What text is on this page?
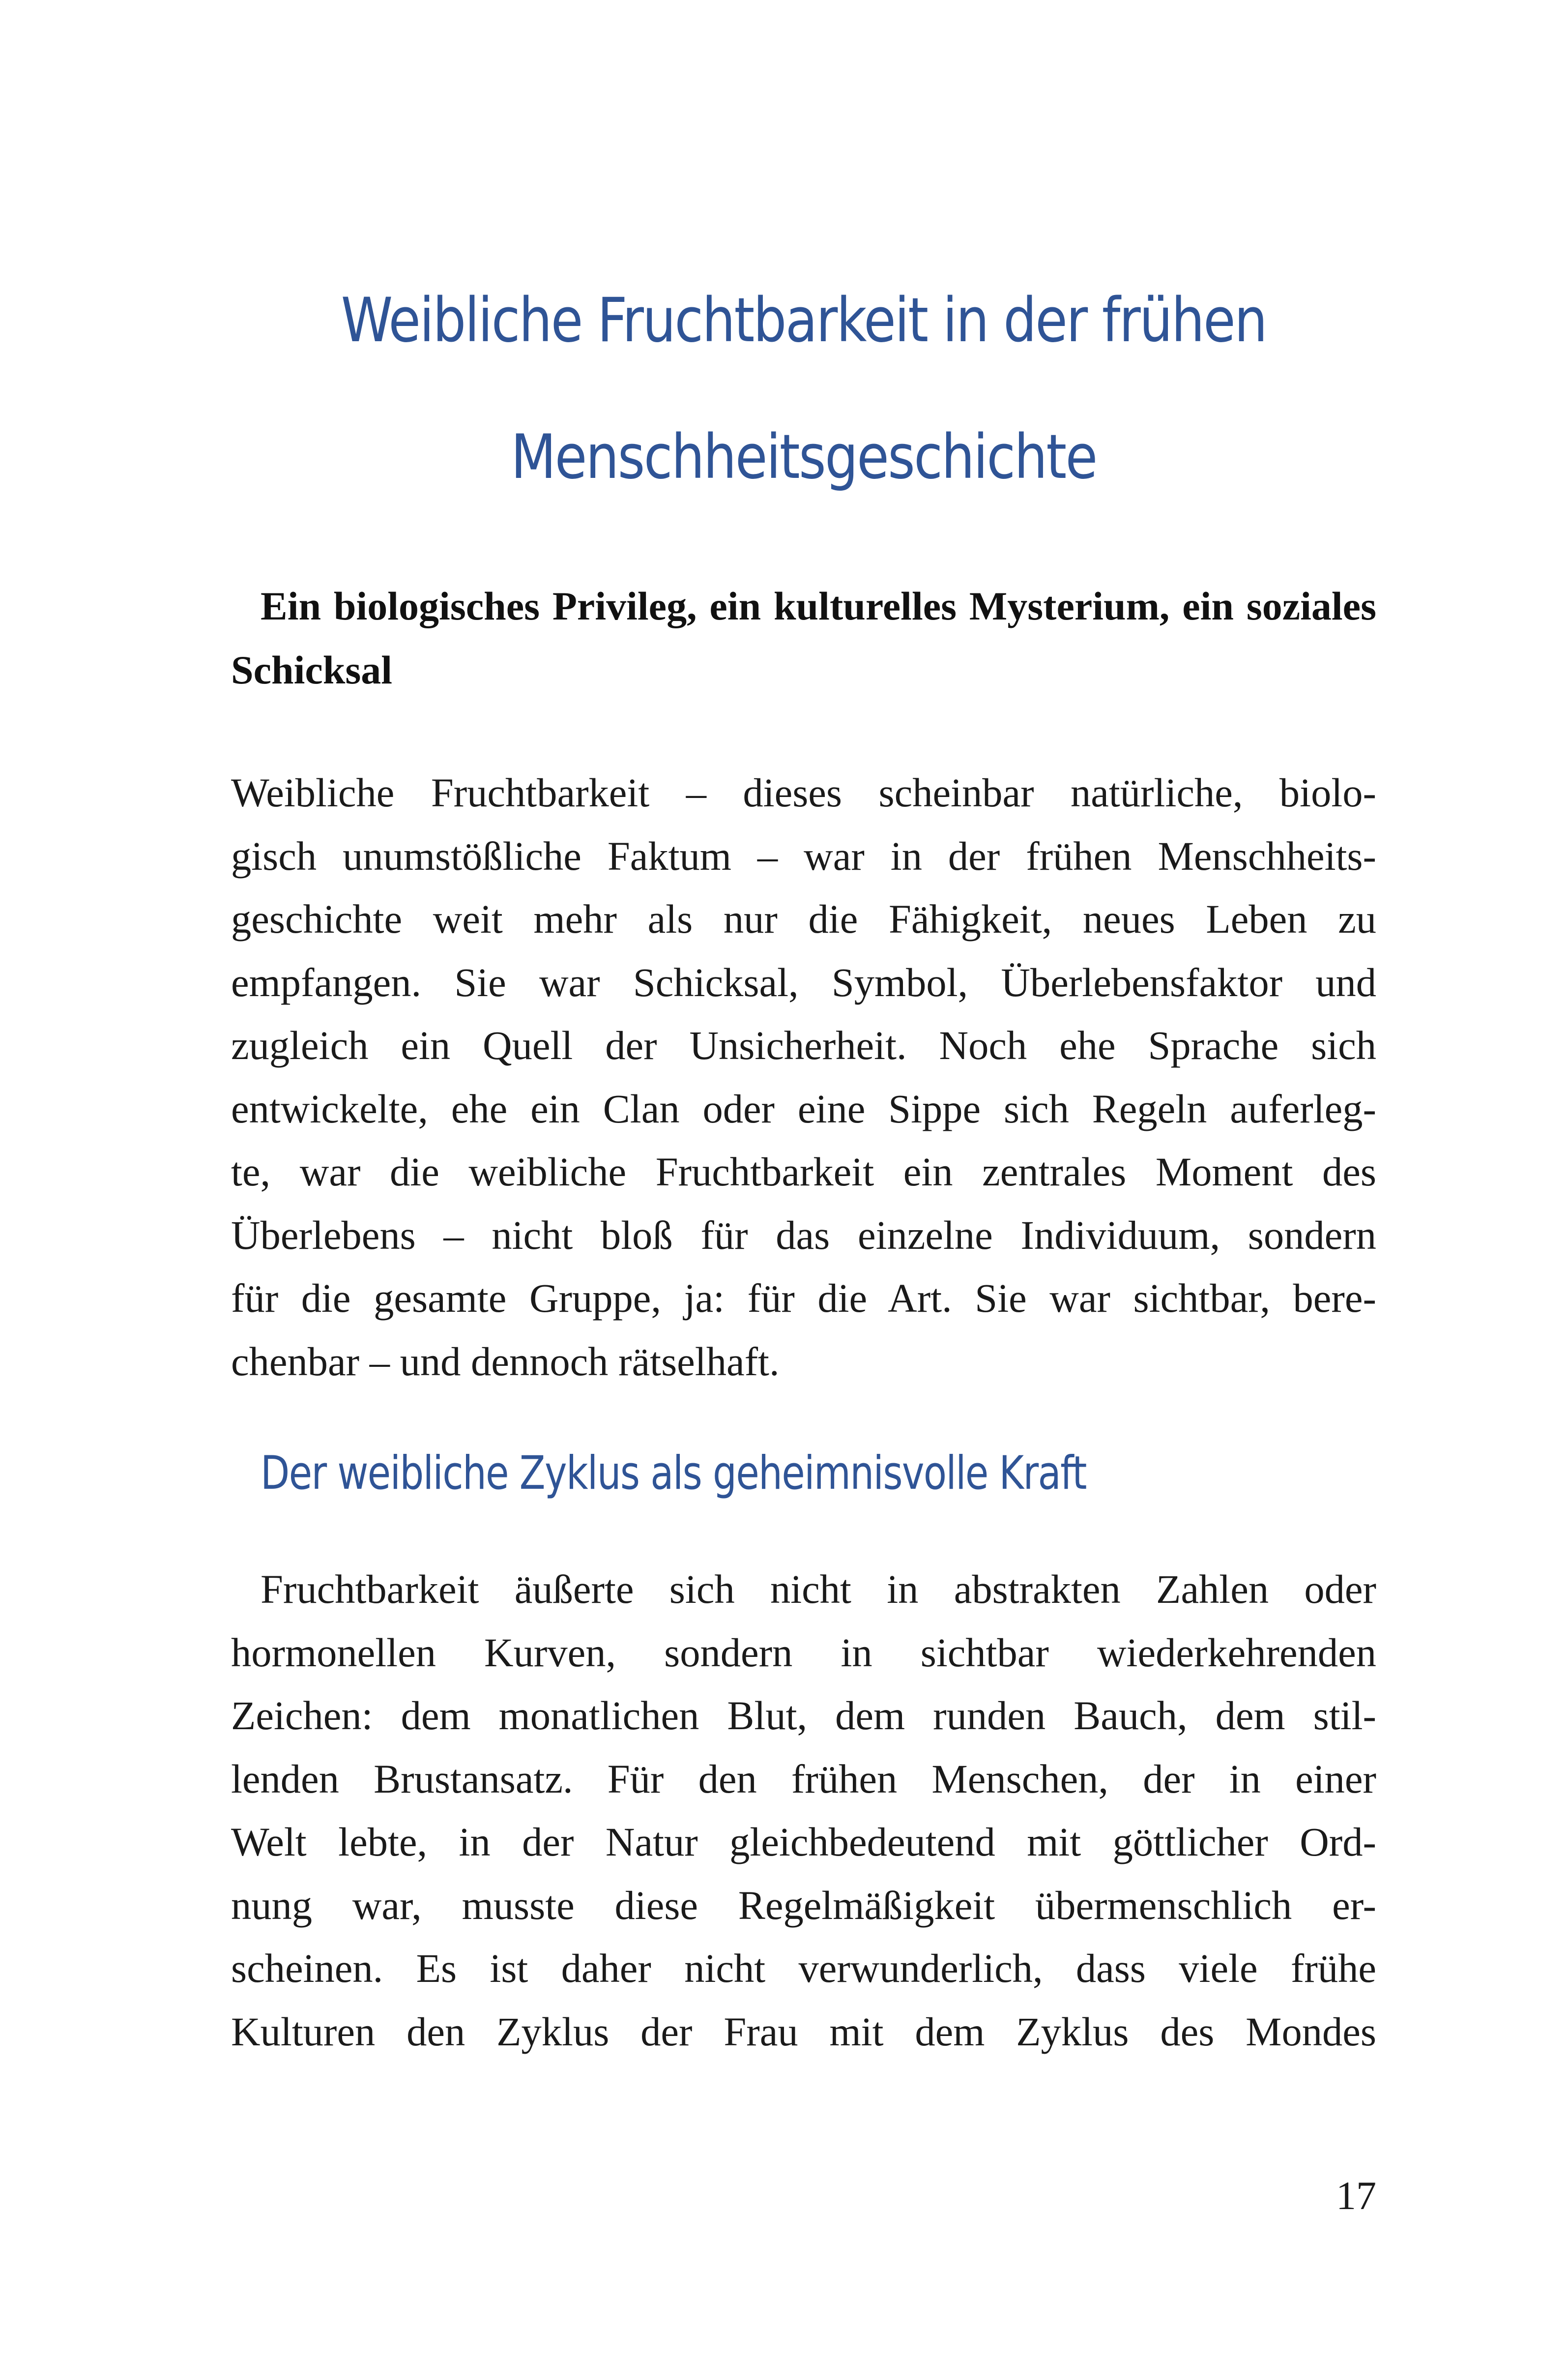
Weibliche Fruchtbarkeit in der frühen
Menschheitsgeschichte

Ein biologisches Privileg, ein kulturelles Mysterium, ein soziales Schicksal

Weibliche Fruchtbarkeit – dieses scheinbar natürliche, biolo-
gisch unumstößliche Faktum – war in der frühen Menschheits-
geschichte weit mehr als nur die Fähigkeit, neues Leben zu
empfangen. Sie war Schicksal, Symbol, Überlebensfaktor und
zugleich ein Quell der Unsicherheit. Noch ehe Sprache sich
entwickelte, ehe ein Clan oder eine Sippe sich Regeln auferleg-
te, war die weibliche Fruchtbarkeit ein zentrales Moment des
Überlebens – nicht bloß für das einzelne Individuum, sondern
für die gesamte Gruppe, ja: für die Art. Sie war sichtbar, bere-
chenbar – und dennoch rätselhaft.
Der weibliche Zyklus als geheimnisvolle Kraft
Fruchtbarkeit äußerte sich nicht in abstrakten Zahlen oder
hormonellen Kurven, sondern in sichtbar wiederkehrenden
Zeichen: dem monatlichen Blut, dem runden Bauch, dem stil-
lenden Brustansatz. Für den frühen Menschen, der in einer
Welt lebte, in der Natur gleichbedeutend mit göttlicher Ord-
nung war, musste diese Regelmäßigkeit übermenschlich er-
scheinen. Es ist daher nicht verwunderlich, dass viele frühe
Kulturen den Zyklus der Frau mit dem Zyklus des Mondes
17
